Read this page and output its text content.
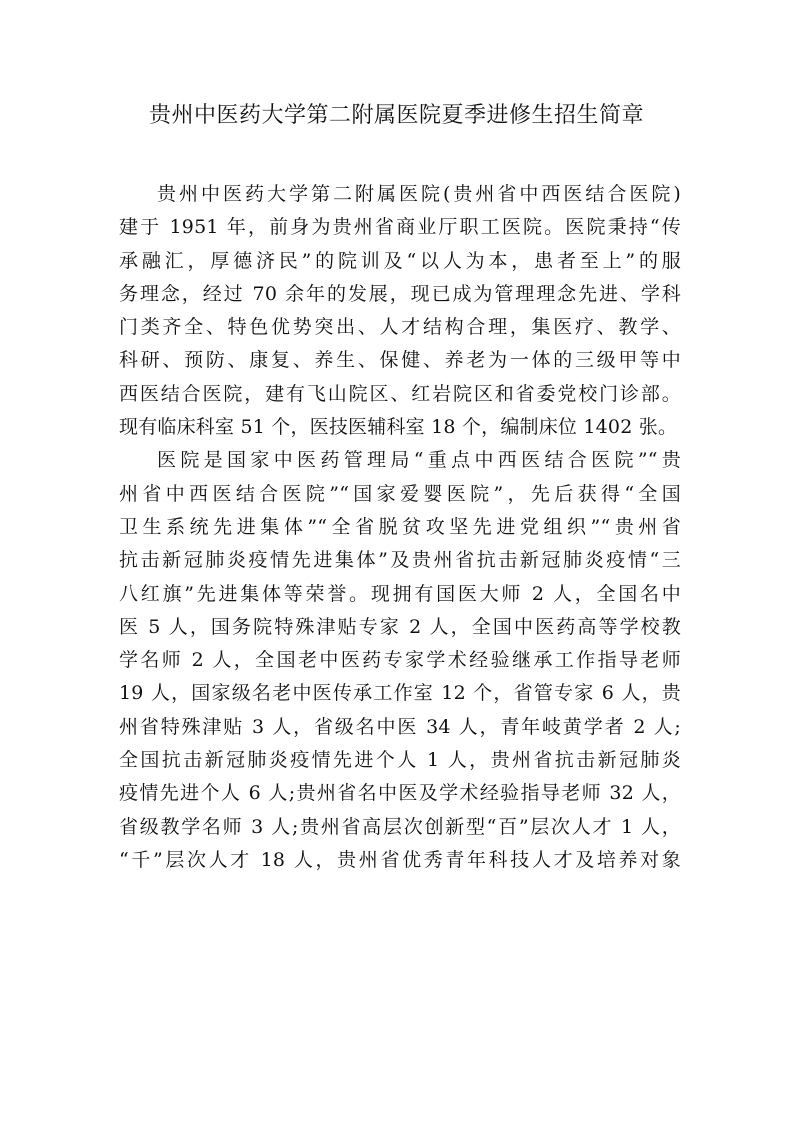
贵州中医药大学第二附属医院夏季进修生招生简章
贵州中医药大学第二附属医院(贵州省中西医结合医院)
建于 1951 年，前身为贵州省商业厅职工医院。医院秉持“传
承融汇，厚德济民”的院训及“以人为本，患者至上”的服
务理念，经过 70 余年的发展，现已成为管理理念先进、学科
门类齐全、特色优势突出、人才结构合理，集医疗、教学、
科研、预防、康复、养生、保健、养老为一体的三级甲等中
西医结合医院，建有飞山院区、红岩院区和省委党校门诊部。
现有临床科室 51 个，医技医辅科室 18 个，编制床位 1402 张。
医院是国家中医药管理局“重点中西医结合医院”“贵
州省中西医结合医院”“国家爱婴医院”，先后获得“全国
卫生系统先进集体”“全省脱贫攻坚先进党组织”“贵州省
抗击新冠肺炎疫情先进集体”及贵州省抗击新冠肺炎疫情“三
八红旗”先进集体等荣誉。现拥有国医大师 2 人，全国名中
医 5 人，国务院特殊津贴专家 2 人，全国中医药高等学校教
学名师 2 人，全国老中医药专家学术经验继承工作指导老师
19 人，国家级名老中医传承工作室 12 个，省管专家 6 人，贵
州省特殊津贴 3 人，省级名中医 34 人，青年岐黄学者 2 人;
全国抗击新冠肺炎疫情先进个人 1 人，贵州省抗击新冠肺炎
疫情先进个人 6 人;贵州省名中医及学术经验指导老师 32 人，
省级教学名师 3 人;贵州省高层次创新型“百”层次人才 1 人，
“千”层次人才 18 人，贵州省优秀青年科技人才及培养对象
